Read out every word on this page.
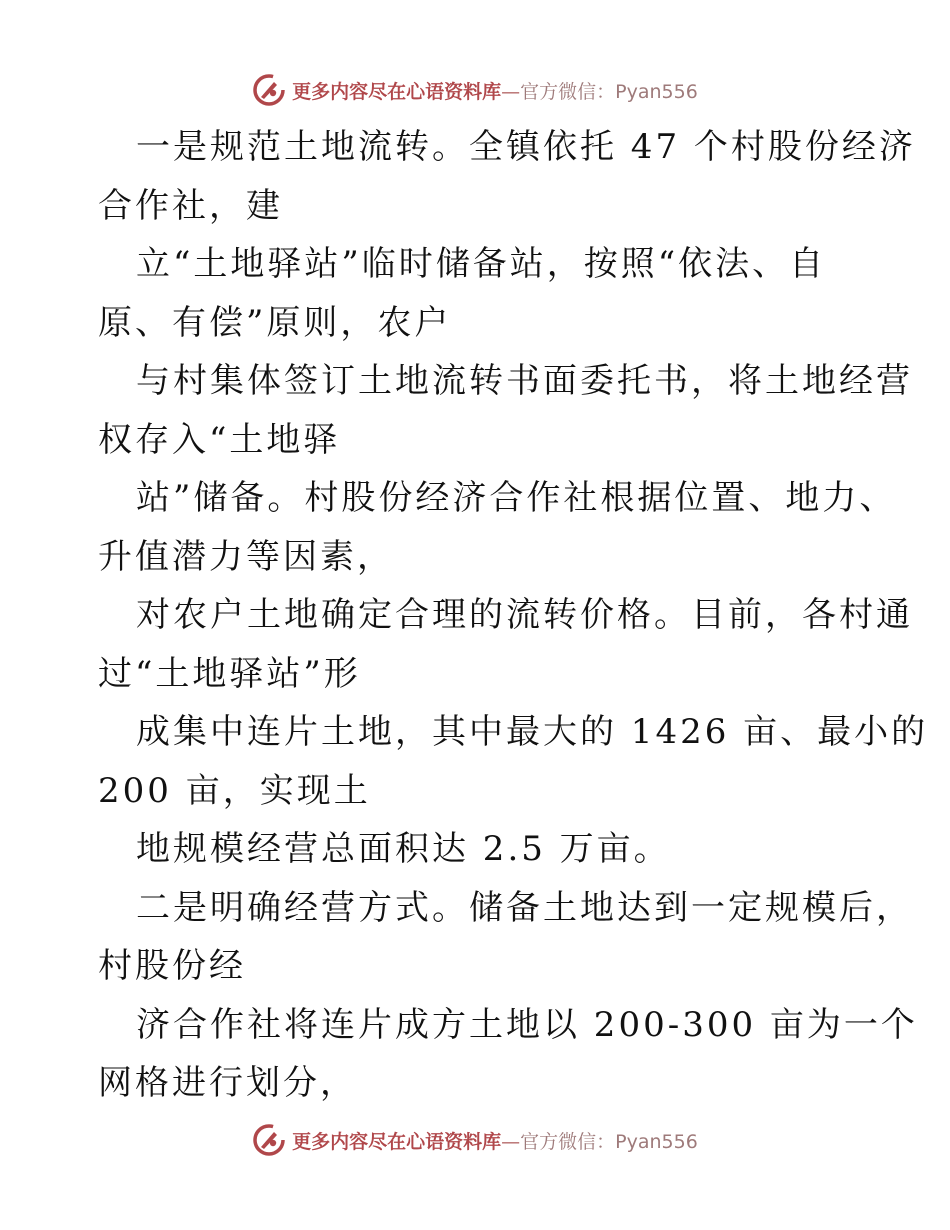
更多内容尽在心语资料库—官方微信：Pyan556
一是规范土地流转。全镇依托 47 个村股份经济
合作社，建
立“土地驿站”临时储备站，按照“依法、自
原、有偿”原则，农户
与村集体签订土地流转书面委托书，将土地经营
权存入“土地驿
站”储备。村股份经济合作社根据位置、地力、
升值潜力等因素，
对农户土地确定合理的流转价格。目前，各村通
过“土地驿站”形
成集中连片土地，其中最大的 1426 亩、最小的
200 亩，实现土
地规模经营总面积达 2.5 万亩。
二是明确经营方式。储备土地达到一定规模后，
村股份经
济合作社将连片成方土地以 200-300 亩为一个
网格进行划分，
更多内容尽在心语资料库—官方微信：Pyan556
